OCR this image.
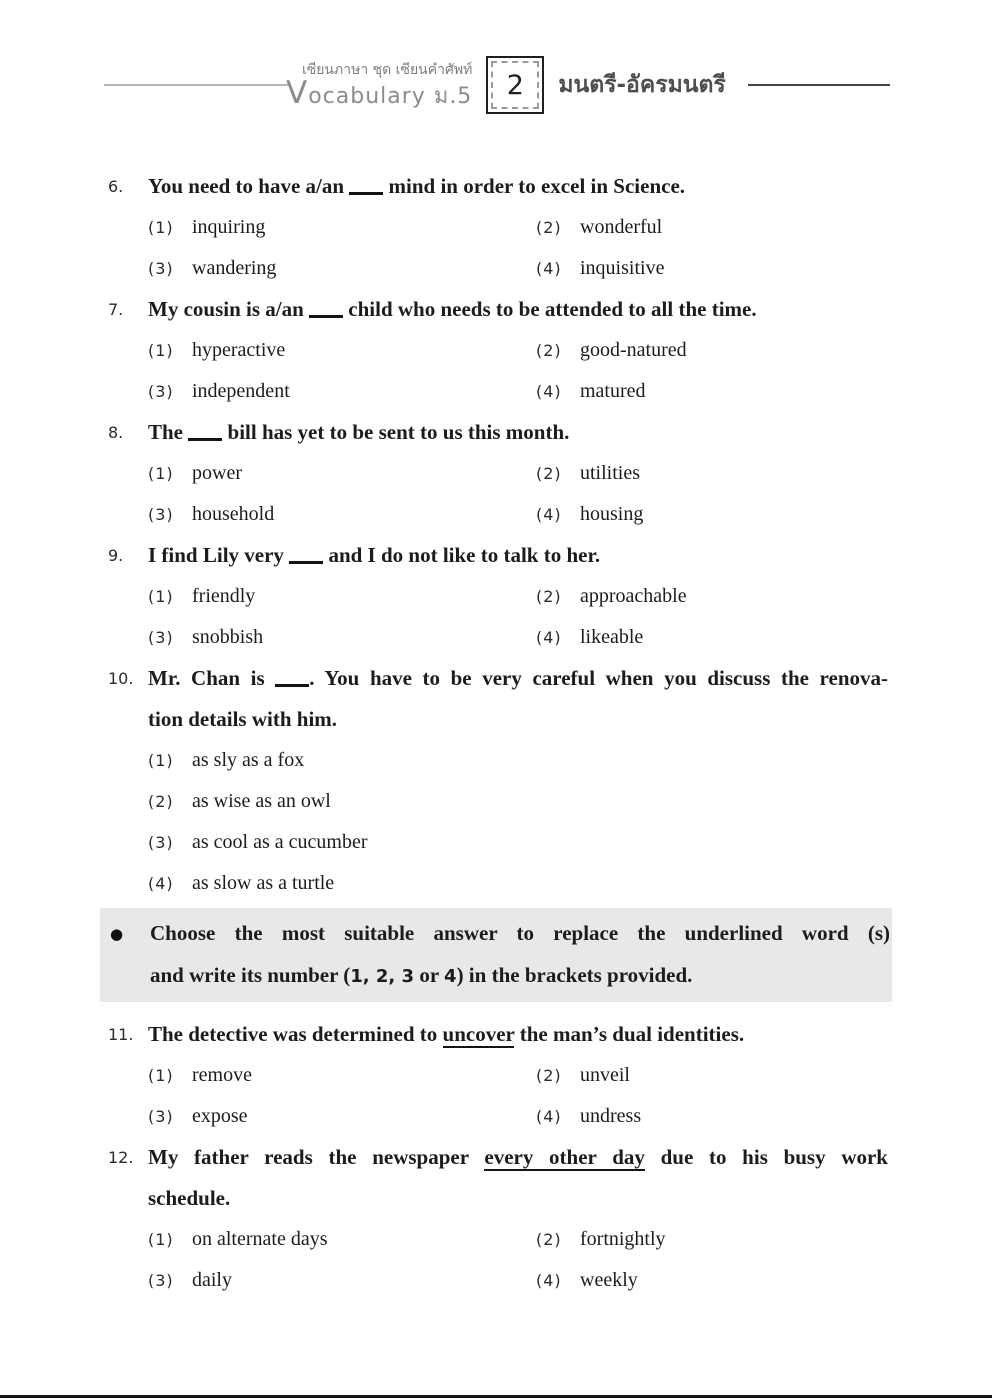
เซียนภาษา ชุด เซียนคำศัพท์
Vocabulary ม.5	2	มนตรี-อัครมนตรี
6.	You need to have a/an  mind in order to excel in Science.
(1) inquiring	(2) wonderful
(3) wandering	(4) inquisitive
7.	My cousin is a/an  child who needs to be attended to all the time.
(1) hyperactive	(2) good-natured
(3) independent	(4) matured
8.	The  bill has yet to be sent to us this month.
(1) power	(2) utilities
(3) household	(4) housing
9.	I find Lily very  and I do not like to talk to her.
(1) friendly	(2) approachable
(3) snobbish	(4) likeable
10. Mr. Chan is . You have to be very careful when you discuss the renova-
tion details with him.
(1) as sly as a fox
(2) as wise as an owl
(3) as cool as a cucumber
(4) as slow as a turtle
●	Choose the most suitable answer to replace the underlined word (s)
and write its number (1, 2, 3 or 4) in the brackets provided.
11. The detective was determined to uncover the man’s dual identities.
(1) remove	(2) unveil
(3) expose	(4) undress
12. My father reads the newspaper every other day due to his busy work
schedule.
(1) on alternate days	(2) fortnightly
(3) daily	(4) weekly
